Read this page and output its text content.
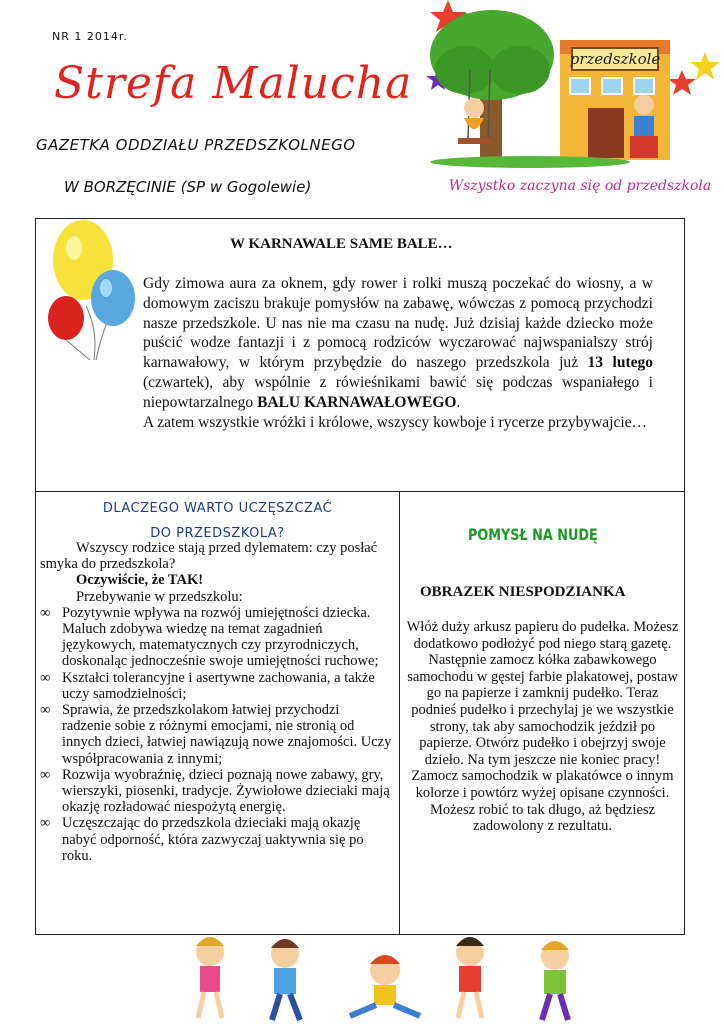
NR 1 2014r.
Strefa Malucha
GAZETKA ODDZIAŁU PRZEDSZKOLNEGO
W BORZĘCINIE (SP w Gogolewie)
przedszkole
Wszystko zaczyna się od przedszkola
W KARNAWALE SAME BALE…

Gdy zimowa aura za oknem, gdy rower i rolki muszą poczekać do wiosny, a w domowym zaciszu brakuje pomysłów na zabawę, wówczas z pomocą przychodzi nasze przedszkole. U nas nie ma czasu na nudę. Już dzisiaj każde dziecko może puścić wodze fantazji i z pomocą rodziców wyczarować najwspanialszy strój karnawałowy, w którym przybędzie do naszego przedszkola już 13 lutego (czwartek), aby wspólnie z rówieśnikami bawić się podczas wspaniałego i niepowtarzalnego BALU KARNAWAŁOWEGO.

A zatem wszystkie wróżki i królowe, wszyscy kowboje i rycerze przybywajcie…

DLACZEGO WARTO UCZĘSZCZAĆ
DO PRZEDSZKOLA?

Wszyscy rodzice stają przed dylematem: czy posłać smyka do przedszkola?

Oczywiście, że TAK!

Przebywanie w przedszkolu:

∞ Pozytywnie wpływa na rozwój umiejętności dziecka. Maluch zdobywa wiedzę na temat zagadnień językowych, matematycznych czy przyrodniczych, doskonaląc jednocześnie swoje umiejętności ruchowe;

∞ Kształci tolerancyjne i asertywne zachowania, a także uczy samodzielności;

∞ Sprawia, że przedszkolakom łatwiej przychodzi radzenie sobie z różnymi emocjami, nie stronią od innych dzieci, łatwiej nawiązują nowe znajomości. Uczy współpracowania z innymi;

∞ Rozwija wyobraźnię, dzieci poznają nowe zabawy, gry, wierszyki, piosenki, tradycje. Żywiołowe dzieciaki mają okazję rozładować niespożytą energię.

∞ Uczęszczając do przedszkola dzieciaki mają okazję nabyć odporność, która zazwyczaj uaktywnia się po roku.

POMYSŁ NA NUDĘ
OBRAZEK NIESPODZIANKA
Włóż duży arkusz papieru do pudełka. Możesz dodatkowo podłożyć pod niego starą gazetę. Następnie zamocz kółka zabawkowego samochodu w gęstej farbie plakatowej, postaw go na papierze i zamknij pudełko. Teraz podnieś pudełko i przechylaj je we wszystkie strony, tak aby samochodzik jeździł po papierze. Otwórz pudełko i obejrzyj swoje dzieło. Na tym jeszcze nie koniec pracy!
Zamocz samochodzik w plakatówce o innym kolorze i powtórz wyżej opisane czynności. Możesz robić to tak długo, aż będziesz zadowolony z rezultatu.
